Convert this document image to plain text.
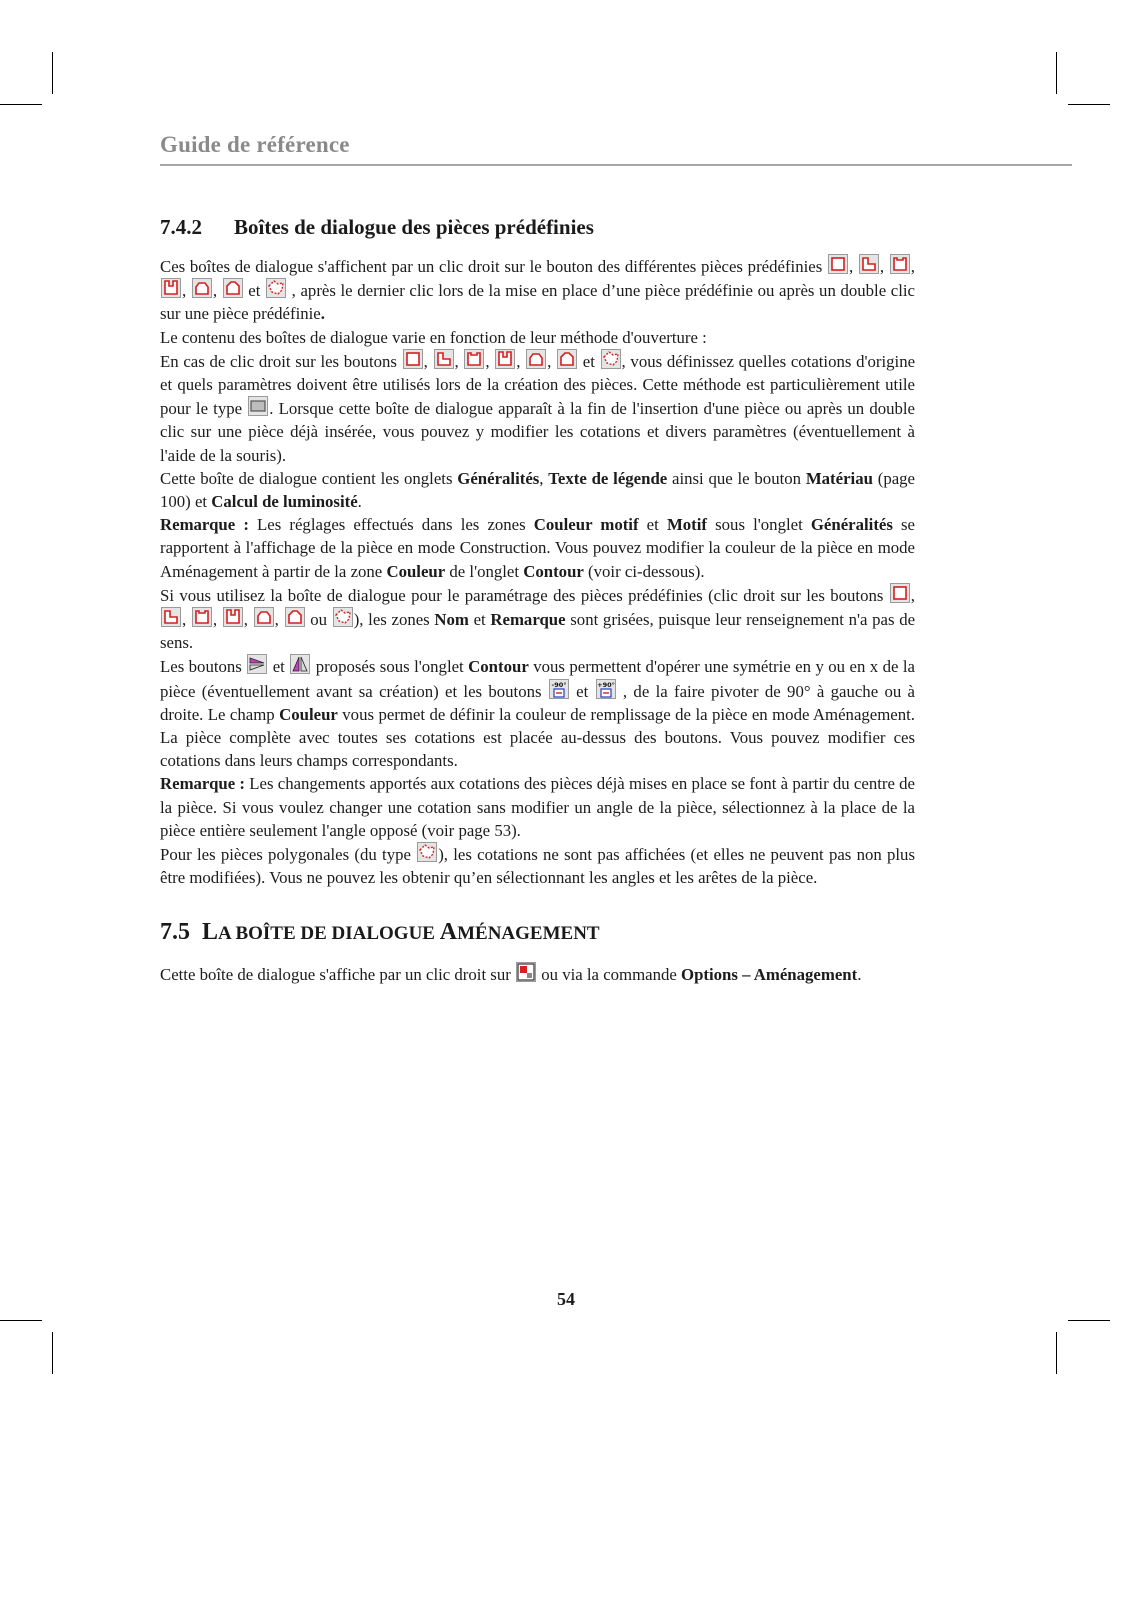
Guide de référence
7.4.2 Boîtes de dialogue des pièces prédéfinies

Ces boîtes de dialogue s'affichent par un clic droit sur le bouton des différentes pièces prédéfinies
,
,
,
,
,
et
, après le dernier clic lors de la mise en place d’une pièce prédéfinie ou après un double clic sur une pièce prédéfinie.

Le contenu des boîtes de dialogue varie en fonction de leur méthode d'ouverture :

En cas de clic droit sur les boutons
,
,
,
,
,
et
, vous définissez quelles cotations d'origine et quels paramètres doivent être utilisés lors de la création des pièces. Cette méthode est particulièrement utile pour le type
. Lorsque cette boîte de dialogue apparaît à la fin de l'insertion d'une pièce ou après un double clic sur une pièce déjà insérée, vous pouvez y modifier les cotations et divers paramètres (éventuellement à l'aide de la souris).

Cette boîte de dialogue contient les onglets Généralités, Texte de légende ainsi que le bouton Matériau (page 100) et Calcul de luminosité.

Remarque : Les réglages effectués dans les zones Couleur motif et Motif sous l'onglet Généralités se rapportent à l'affichage de la pièce en mode Construction. Vous pouvez modifier la couleur de la pièce en mode Aménagement à partir de la zone Couleur de l'onglet Contour (voir ci-dessous).

Si vous utilisez la boîte de dialogue pour le paramétrage des pièces prédéfinies (clic droit sur les boutons
,
,
,
,
,
ou
), les zones Nom et Remarque sont grisées, puisque leur renseignement n'a pas de sens.

Les boutons
et
proposés sous l'onglet Contour vous permettent d'opérer une symétrie en y ou en x de la pièce (éventuellement avant sa création) et les boutons -90° et +90° , de la faire pivoter de 90° à gauche ou à droite. Le champ Couleur vous permet de définir la couleur de remplissage de la pièce en mode Aménagement. La pièce complète avec toutes ses cotations est placée au-dessus des boutons. Vous pouvez modifier ces cotations dans leurs champs correspondants.

Remarque : Les changements apportés aux cotations des pièces déjà mises en place se font à partir du centre de la pièce. Si vous voulez changer une cotation sans modifier un angle de la pièce, sélectionnez à la place de la pièce entière seulement l'angle opposé (voir page 53).

Pour les pièces polygonales (du type
), les cotations ne sont pas affichées (et elles ne peuvent pas non plus être modifiées). Vous ne pouvez les obtenir qu’en sélectionnant les angles et les arêtes de la pièce.

7.5 LA BOÎTE DE DIALOGUE AMÉNAGEMENT

Cette boîte de dialogue s'affiche par un clic droit sur
ou via la commande Options – Aménagement.

54
